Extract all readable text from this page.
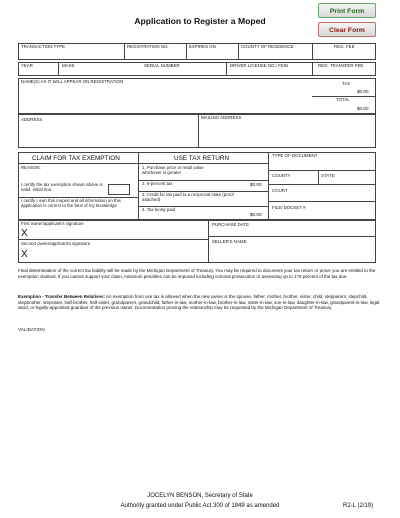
Application to Register a Moped
Print Form
Clear Form
TRANSACTION TYPE	REGISTRATION NO.	EXPIRES ON	COUNTY OF RESIDENCE	REG. FEE
YEAR	MAKE	SERIAL NUMBER	DRIVER LICENSE NO./ FEIN	REG. TRANSFER FEE
NAME(S) AS IT WILL APPEAR ON REGISTRATION	TAX
$0.00
TOTAL
$0.00
ADDRESS	MAILING ADDRESS
CLAIM FOR TAX EXEMPTION	USE TAX RETURN	TYPE OF DOCUMENT
REASON:
I certify the tax exemption shown above is valid. Initial box:
I certify I own this moped and all information on this application is correct to the best of my knowledge
1. Purchase price or retail value whichever is greater
2. 6-percent tax	$0.00
3. Credit for tax paid to a reciprocal state (proof attached)
4. Tax being paid
$0.00
COUNTY	STATE
COURT
FILE/ DOCKET #
First owner/applicant's signature
X
Second owner/applicant's signature
X
PURCHASE DATE
SELLER'S NAME
Final determination of the correct tax liability will be made by the Michigan Department of Treasury. You may be required to document your tax return or prove you are entitled to the exemption claimed. If you cannot support your claim, minimum penalties can be imposed including criminal prosecution or assessing up to 175 percent of the tax due.
Exemption - Transfer Between Relatives: An exemption from use tax is allowed when the new owner is the spouse, father, mother, brother, sister, child, stepparent, stepchild, stepbrother, stepsister, half-brother, half-sister, grandparent, grandchild, father-in-law, mother-in-law, brother-in-law, sister-in-law, son-in-law, daughter-in-law, grandparent-in-law, legal ward, or legally-appointed guardian of the previous owner. Documentation proving the relationship may be requested by the Michigan Department of Treasury.
VALIDATION
JOCELYN BENSON, Secretary of State
Authority granted under Public Act 300 of 1949 as amended	R2-L (2/19)
